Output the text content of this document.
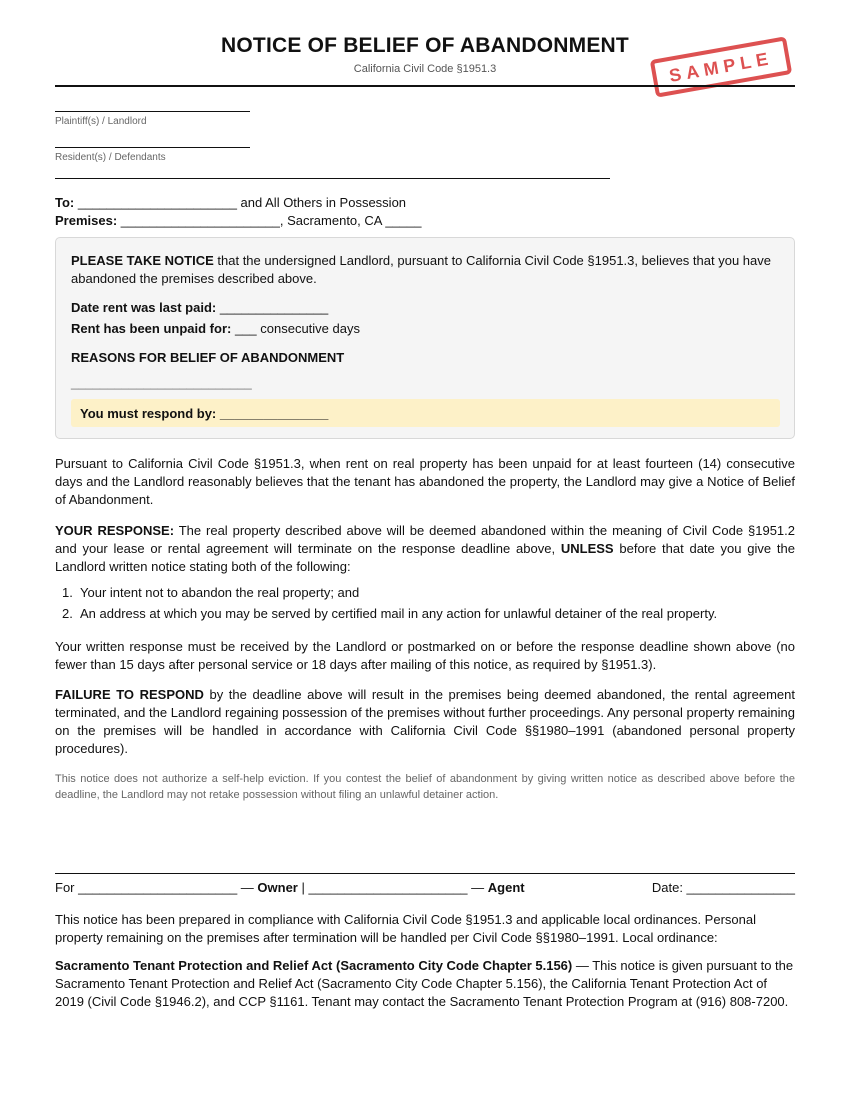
NOTICE OF BELIEF OF ABANDONMENT
California Civil Code §1951.3	SAMPLE
Plaintiff(s) / Landlord
Resident(s) / Defendants
To: ______________________ and All Others in Possession
Premises: ______________________, Sacramento, CA _____
PLEASE TAKE NOTICE that the undersigned Landlord, pursuant to California Civil Code §1951.3, believes that you have abandoned the premises described above.
Date rent was last paid: _______________
Rent has been unpaid for: ___ consecutive days
REASONS FOR BELIEF OF ABANDONMENT
_________________________
You must respond by: _______________

Pursuant to California Civil Code §1951.3, when rent on real property has been unpaid for at least fourteen (14) consecutive days and the Landlord reasonably believes that the tenant has abandoned the property, the Landlord may give a Notice of Belief of Abandonment.

YOUR RESPONSE: The real property described above will be deemed abandoned within the meaning of Civil Code §1951.2 and your lease or rental agreement will terminate on the response deadline above, UNLESS before that date you give the Landlord written notice stating both of the following:

1. Your intent not to abandon the real property; and
2. An address at which you may be served by certified mail in any action for unlawful detainer of the real property.

Your written response must be received by the Landlord or postmarked on or before the response deadline shown above (no fewer than 15 days after personal service or 18 days after mailing of this notice, as required by §1951.3).

FAILURE TO RESPOND by the deadline above will result in the premises being deemed abandoned, the rental agreement terminated, and the Landlord regaining possession of the premises without further proceedings. Any personal property remaining on the premises will be handled in accordance with California Civil Code §§1980–1991 (abandoned personal property procedures).

This notice does not authorize a self-help eviction. If you contest the belief of abandonment by giving written notice as described above before the deadline, the Landlord may not retake possession without filing an unlawful detainer action.
For ______________________ — Owner | ______________________ — Agent	Date: _______________
This notice has been prepared in compliance with California Civil Code §1951.3 and applicable local ordinances. Personal property remaining on the premises after termination will be handled per Civil Code §§1980–1991. Local ordinance:
Sacramento Tenant Protection and Relief Act (Sacramento City Code Chapter 5.156) — This notice is given pursuant to the Sacramento Tenant Protection and Relief Act (Sacramento City Code Chapter 5.156), the California Tenant Protection Act of 2019 (Civil Code §1946.2), and CCP §1161. Tenant may contact the Sacramento Tenant Protection Program at (916) 808-7200.
